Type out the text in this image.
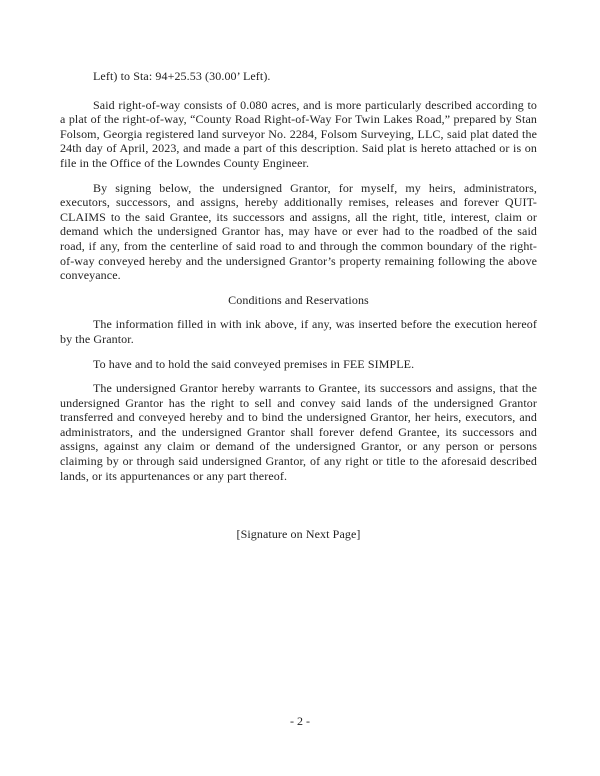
Left) to Sta: 94+25.53 (30.00’ Left).

Said right-of-way consists of 0.080 acres, and is more particularly described according to a plat of the right-of-way, “County Road Right-of-Way For Twin Lakes Road,” prepared by Stan Folsom, Georgia registered land surveyor No. 2284, Folsom Surveying, LLC, said plat dated the 24th day of April, 2023, and made a part of this description. Said plat is hereto attached or is on file in the Office of the Lowndes County Engineer.

By signing below, the undersigned Grantor, for myself, my heirs, administrators, executors, successors, and assigns, hereby additionally remises, releases and forever QUIT-CLAIMS to the said Grantee, its successors and assigns, all the right, title, interest, claim or demand which the undersigned Grantor has, may have or ever had to the roadbed of the said road, if any, from the centerline of said road to and through the common boundary of the right-of-way conveyed hereby and the undersigned Grantor’s property remaining following the above conveyance.

Conditions and Reservations

The information filled in with ink above, if any, was inserted before the execution hereof by the Grantor.

To have and to hold the said conveyed premises in FEE SIMPLE.

The undersigned Grantor hereby warrants to Grantee, its successors and assigns, that the undersigned Grantor has the right to sell and convey said lands of the undersigned Grantor transferred and conveyed hereby and to bind the undersigned Grantor, her heirs, executors, and administrators, and the undersigned Grantor shall forever defend Grantee, its successors and assigns, against any claim or demand of the undersigned Grantor, or any person or persons claiming by or through said undersigned Grantor, of any right or title to the aforesaid described lands, or its appurtenances or any part thereof.

[Signature on Next Page]

- 2 -
